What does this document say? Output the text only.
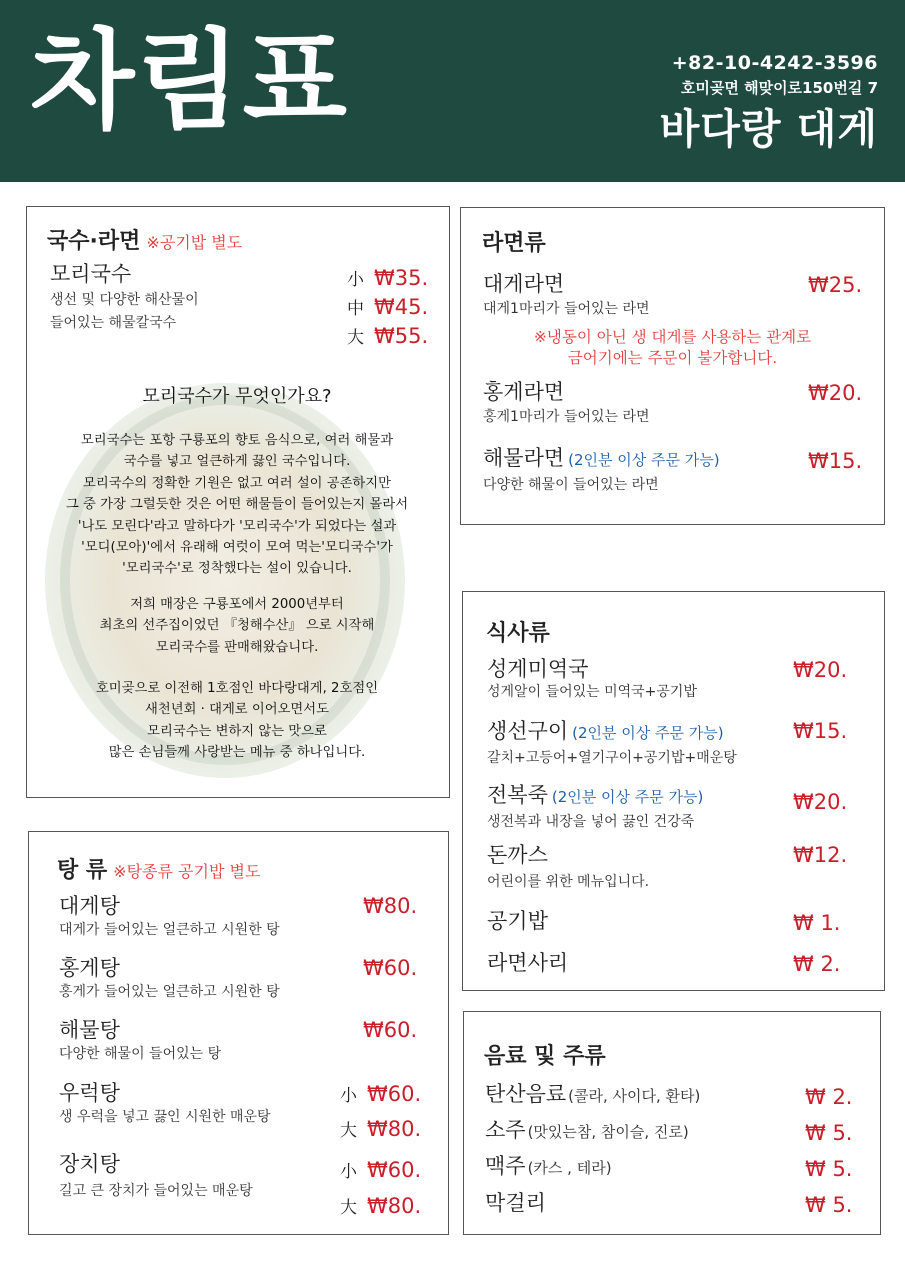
차림표	+82-10-4242-3596
호미곶면 해맞이로150번길 7
바다랑 대게
국수·라면 ※공기밥 별도
모리국수
생선 및 다양한 해산물이
들어있는 해물칼국수
小 ₩35.
中 ₩45.
大 ₩55.
모리국수가 무엇인가요?
모리국수는 포항 구룡포의 향토 음식으로, 여러 해물과
국수를 넣고 얼큰하게 끓인 국수입니다.
모리국수의 정확한 기원은 없고 여러 설이 공존하지만
그 중 가장 그럴듯한 것은 어떤 해물들이 들어있는지 몰라서
'나도 모린다'라고 말하다가 '모리국수'가 되었다는 설과
'모디(모아)'에서 유래해 여럿이 모여 먹는'모디국수'가
'모리국수'로 정착했다는 설이 있습니다.
저희 매장은 구룡포에서 2000년부터
최초의 선주집이었던 『청해수산』 으로 시작해
모리국수를 판매해왔습니다.
호미곶으로 이전해 1호점인 바다랑대게, 2호점인
새천년회 · 대게로 이어오면서도
모리국수는 변하지 않는 맛으로
많은 손님들께 사랑받는 메뉴 중 하나입니다.
라면류
대게라면
대게1마리가 들어있는 라면
₩25.
※냉동이 아닌 생 대게를 사용하는 관계로
금어기에는 주문이 불가합니다.
홍게라면
홍게1마리가 들어있는 라면
₩20.
해물라면 (2인분 이상 주문 가능)
다양한 해물이 들어있는 라면
₩15.
식사류
성게미역국
성게알이 들어있는 미역국+공기밥
₩20.
생선구이 (2인분 이상 주문 가능)
갈치+고등어+열기구이+공기밥+매운탕
₩15.
전복죽 (2인분 이상 주문 가능)
생전복과 내장을 넣어 끓인 건강죽
₩20.
돈까스
어린이를 위한 메뉴입니다.
₩12.
공기밥	₩ 1.
라면사리	₩ 2.
탕 류 ※탕종류 공기밥 별도
대게탕
대게가 들어있는 얼큰하고 시원한 탕
₩80.
홍게탕
홍게가 들어있는 얼큰하고 시원한 탕
₩60.
해물탕
다양한 해물이 들어있는 탕
₩60.
우럭탕
생 우럭을 넣고 끓인 시원한 매운탕
小 ₩60.
大 ₩80.
장치탕
길고 큰 장치가 들어있는 매운탕
小 ₩60.
大 ₩80.
음료 및 주류
탄산음료 (콜라, 사이다, 환타)	₩ 2.
소주 (맛있는참, 참이슬, 진로)	₩ 5.
맥주 (카스 , 테라)	₩ 5.
막걸리	₩ 5.
